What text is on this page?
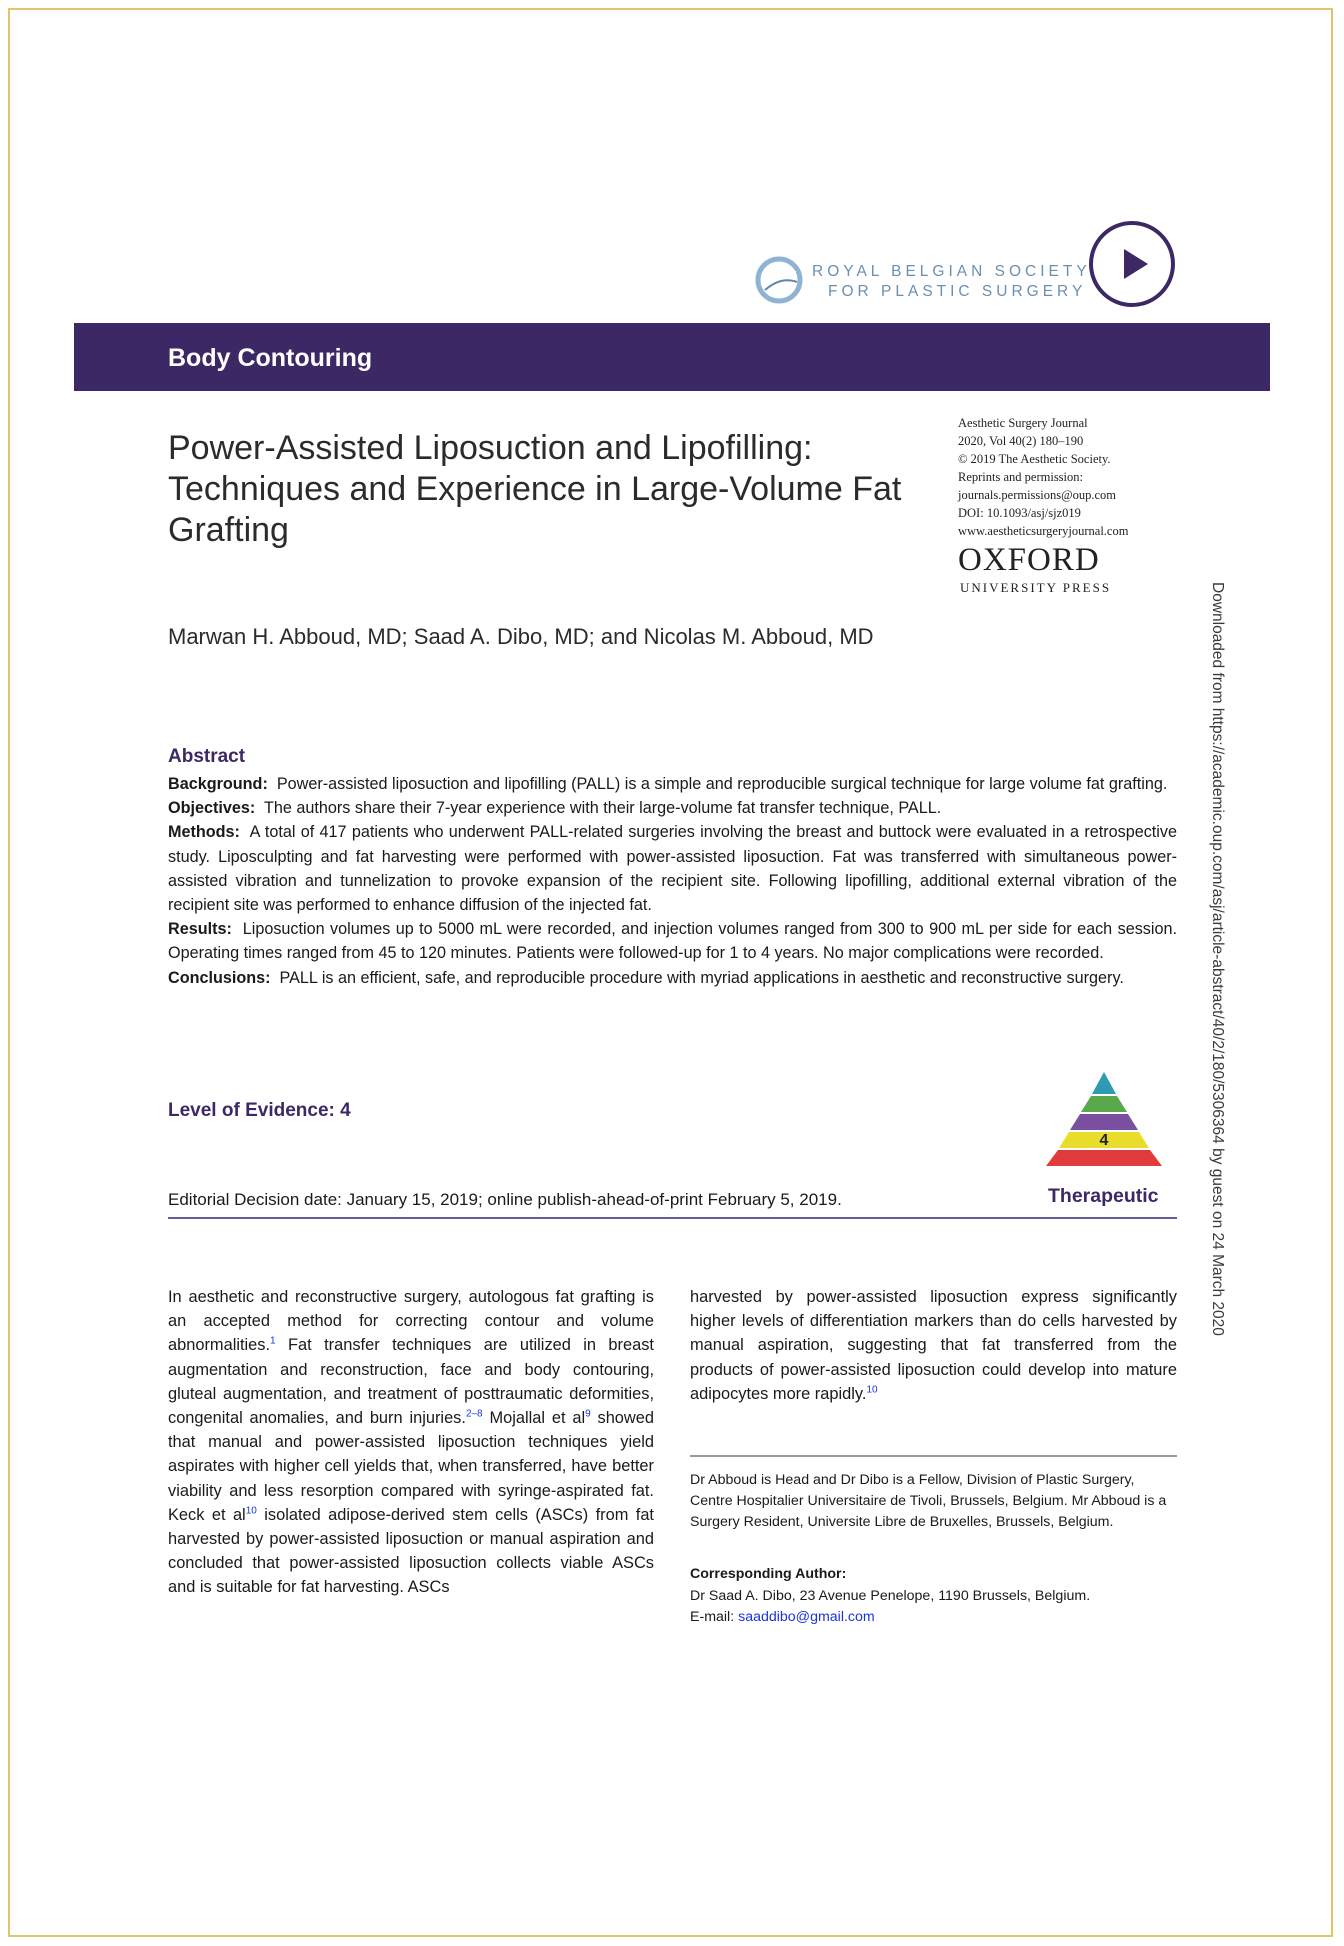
ROYAL BELGIAN SOCIETY
FOR PLASTIC SURGERY
Body Contouring
Power-Assisted Liposuction and Lipofilling: Techniques and Experience in Large-Volume Fat Grafting
Aesthetic Surgery Journal
2020, Vol 40(2) 180–190
© 2019 The Aesthetic Society.
Reprints and permission:
journals.permissions@oup.com
DOI: 10.1093/asj/sjz019
www.aestheticsurgeryjournal.com
OXFORD
UNIVERSITY PRESS
Marwan H. Abboud, MD; Saad A. Dibo, MD; and Nicolas M. Abboud, MD
Abstract

Background: Power-assisted liposuction and lipofilling (PALL) is a simple and reproducible surgical technique for large volume fat grafting.

Objectives: The authors share their 7-year experience with their large-volume fat transfer technique, PALL.

Methods: A total of 417 patients who underwent PALL-related surgeries involving the breast and buttock were evaluated in a retrospective study. Liposculpting and fat harvesting were performed with power-assisted liposuction. Fat was transferred with simultaneous power-assisted vibration and tunnelization to provoke expansion of the recipient site. Following lipofilling, additional external vibration of the recipient site was performed to enhance diffusion of the injected fat.

Results: Liposuction volumes up to 5000 mL were recorded, and injection volumes ranged from 300 to 900 mL per side for each session. Operating times ranged from 45 to 120 minutes. Patients were followed-up for 1 to 4 years. No major complications were recorded.

Conclusions: PALL is an efficient, safe, and reproducible procedure with myriad applications in aesthetic and reconstructive surgery.

Level of Evidence: 4
4
Therapeutic
Editorial Decision date: January 15, 2019; online publish-ahead-of-print February 5, 2019.
In aesthetic and reconstructive surgery, autologous fat grafting is an accepted method for correcting contour and volume abnormalities.$^1$ Fat transfer techniques are utilized in breast augmentation and reconstruction, face and body contouring, gluteal augmentation, and treatment of posttraumatic deformities, congenital anomalies, and burn injuries.$^{2-8}$ Mojallal et $al^9$ showed that manual and power-assisted liposuction techniques yield aspirates with higher cell yields that, when transferred, have better viability and less resorption compared with syringe-aspirated fat. Keck et $al^{10}$ isolated adipose-derived stem cells (ASCs) from fat harvested by power-assisted liposuction or manual aspiration and concluded that power-assisted liposuction collects viable ASCs and is suitable for fat harvesting. ASCs
harvested by power-assisted liposuction express significantly higher levels of differentiation markers than do cells harvested by manual aspiration, suggesting that fat transferred from the products of power-assisted liposuction could develop into mature adipocytes more rapidly.$^{10}$
Dr Abboud is Head and Dr Dibo is a Fellow, Division of Plastic Surgery, Centre Hospitalier Universitaire de Tivoli, Brussels, Belgium. Mr Abboud is a Surgery Resident, Universite Libre de Bruxelles, Brussels, Belgium.
Corresponding Author:
Dr Saad A. Dibo, 23 Avenue Penelope, 1190 Brussels, Belgium.
E-mail: saaddibo@gmail.com
Downloaded from https://academic.oup.com/asj/article-abstract/40/2/180/5306364 by guest on 24 March 2020
